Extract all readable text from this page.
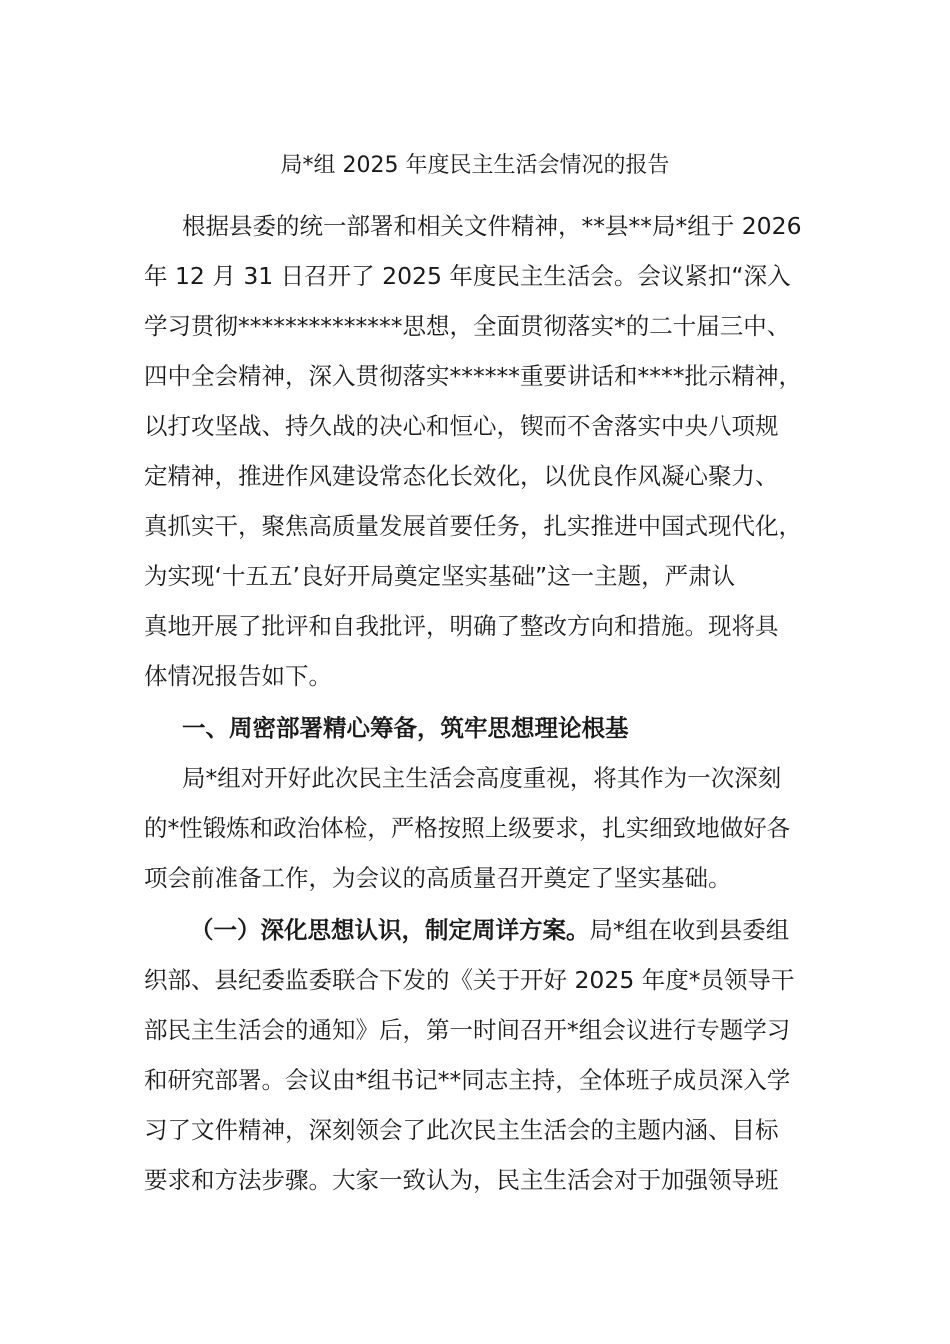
局*组 2025 年度民主生活会情况的报告
根据县委的统一部署和相关文件精神，**县**局*组于 2026
年 12 月 31 日召开了 2025 年度民主生活会。会议紧扣“深入
学习贯彻**************思想，全面贯彻落实*的二十届三中、
四中全会精神，深入贯彻落实******重要讲话和****批示精神，
以打攻坚战、持久战的决心和恒心，锲而不舍落实中央八项规
定精神，推进作风建设常态化长效化，以优良作风凝心聚力、
真抓实干，聚焦高质量发展首要任务，扎实推进中国式现代化，
为实现‘十五五’良好开局奠定坚实基础”这一主题，严肃认
真地开展了批评和自我批评，明确了整改方向和措施。现将具
体情况报告如下。
一、周密部署精心筹备，筑牢思想理论根基
局*组对开好此次民主生活会高度重视，将其作为一次深刻
的*性锻炼和政治体检，严格按照上级要求，扎实细致地做好各
项会前准备工作，为会议的高质量召开奠定了坚实基础。
（一）深化思想认识，制定周详方案。局*组在收到县委组
织部、县纪委监委联合下发的《关于开好 2025 年度*员领导干
部民主生活会的通知》后，第一时间召开*组会议进行专题学习
和研究部署。会议由*组书记**同志主持，全体班子成员深入学
习了文件精神，深刻领会了此次民主生活会的主题内涵、目标
要求和方法步骤。大家一致认为，民主生活会对于加强领导班
